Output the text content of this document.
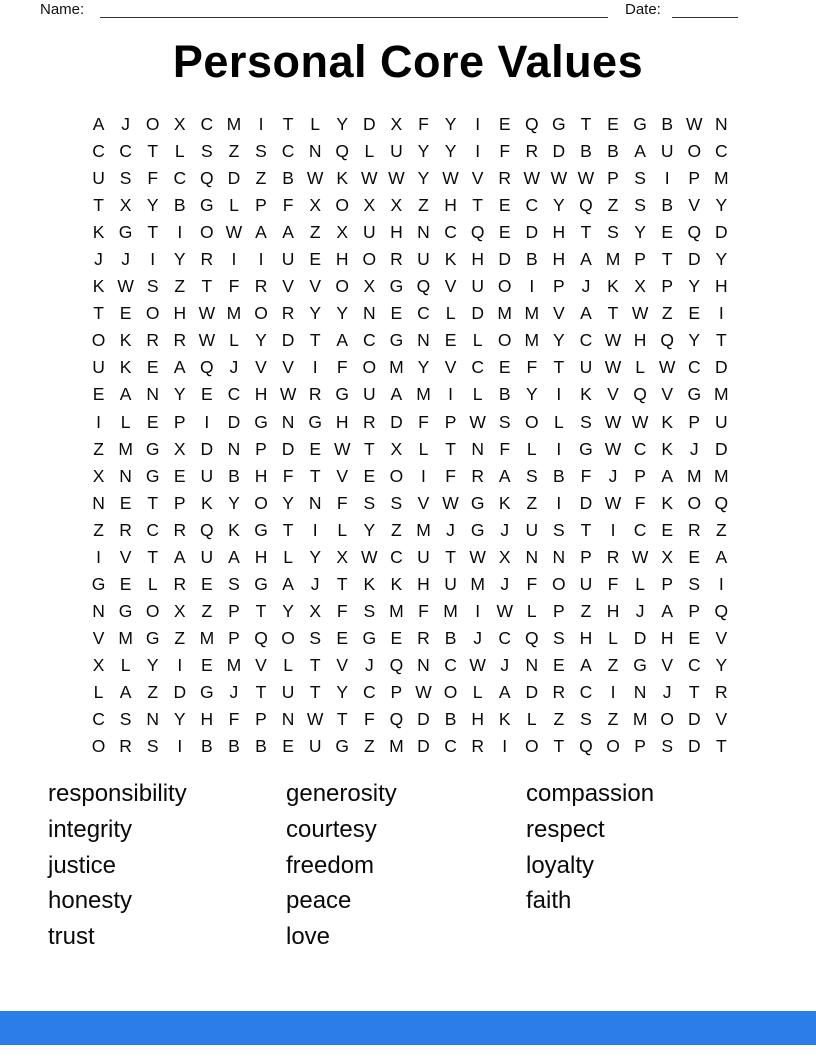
Name:	Date:
Personal Core Values
A J O X C M I	T L Y D X F Y	I	E Q G T E G B W N
C C T L S Z S C N Q L U Y Y	I	F R D B B A U O C
U S F C Q D Z B W K W W Y W V R W W W P S	I	P M
T X Y B G L P F X O X X Z H T E C Y Q Z S B V Y
K G T	I	O W A A Z X U H N C Q E D H T S Y E Q D
J	J	I	Y R	I	I	U E H O R U K H D B H A M P T D Y
K W S Z T F R V V O X G Q V U O	I	P J K X P Y H
T E O H W M O R Y Y N E C L D M M V A T W Z E	I
O K R R W L Y D T A C G N E L O M Y C W H Q Y T
U K E A Q J V V	I	F O M Y V C E F T U W L W C D
E A N Y E C H W R G U A M I	L B Y	I	K V Q V G M
I	L E P	I	D G N G H R D F P W S O L S W W K P U
Z M G X D N P D E W T X L T N F L	I	G W C K J D
X N G E U B H F T V E O	I	F R A S B F J P A M M
N E T P K Y O Y N F S S V W G K Z	I	D W F K O Q
Z R C R Q K G T	I	L Y Z M J G J U S T	I	C E R Z
I	V T A U A H L Y X W C U T W X N N P R W X E A
G E L R E S G A J T K K H U M J F O U F L P S	I
N G O X Z P T Y X F S M F M I W L P Z H J A P Q
V M G Z M P Q O S E G E R B J C Q S H L D H E V
X L Y	I	E M V L T V J Q N C W J N E A Z G V C Y
L A Z D G J T U T Y C P W O L A D R C	I	N J T R
C S N Y H F P N W T F Q D B H K L Z S Z M O D V
O R S	I	B B B E U G Z M D C R	I	O T Q O P S D T
responsibility
integrity
justice
honesty
trust
generosity
courtesy
freedom
peace
love
compassion
respect
loyalty
faith
